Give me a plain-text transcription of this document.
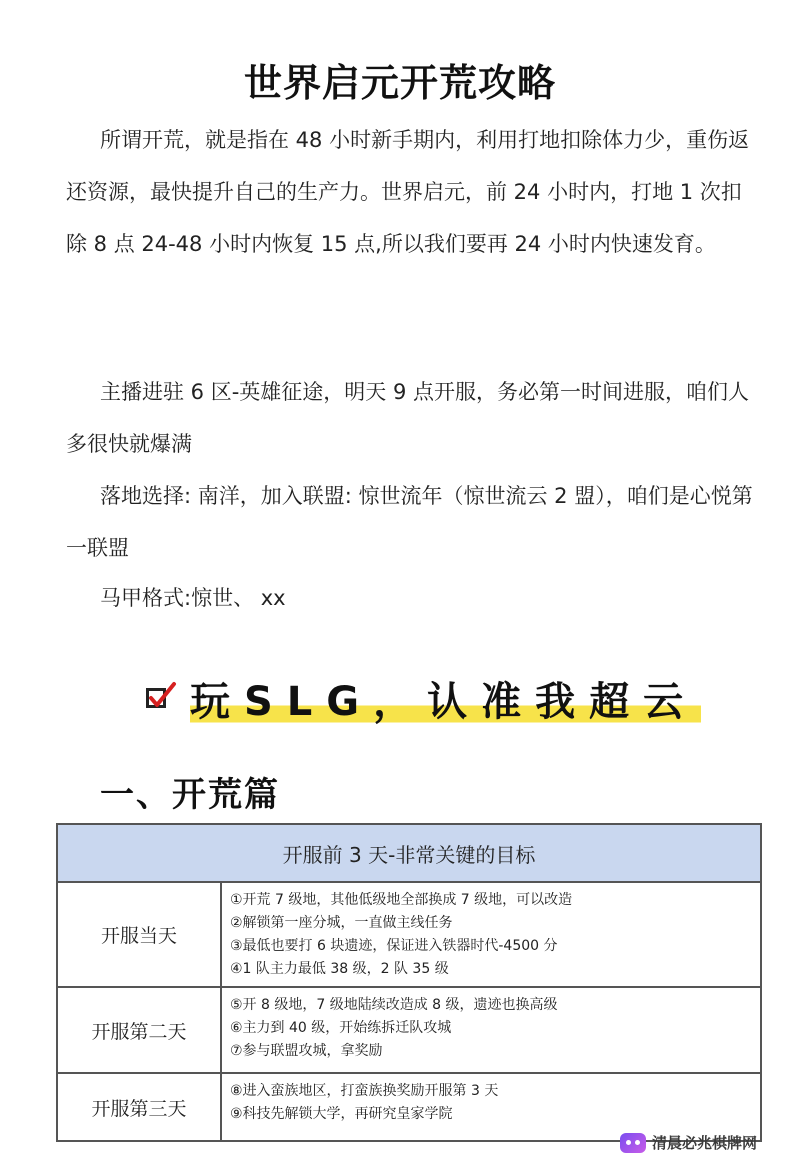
世界启元开荒攻略
所谓开荒，就是指在 48 小时新手期内，利用打地扣除体力少，重伤返还资源，最快提升自己的生产力。世界启元，前 24 小时内，打地 1 次扣除 8 点 24-48 小时内恢复 15 点,所以我们要再 24 小时内快速发育。
主播进驻 6 区-英雄征途，明天 9 点开服，务必第一时间进服，咱们人多很快就爆满
落地选择: 南洋，加入联盟: 惊世流年（惊世流云 2 盟），咱们是心悦第一联盟
马甲格式:惊世、 xx
玩SLG，认准我超云
一、开荒篇
开服前 3 天-非常关键的目标
开服当天
①开荒 7 级地，其他低级地全部换成 7 级地，可以改造
②解锁第一座分城，一直做主线任务
③最低也要打 6 块遗迹，保证进入铁器时代-4500 分
④1 队主力最低 38 级，2 队 35 级
开服第二天
⑤开 8 级地，7 级地陆续改造成 8 级，遗迹也换高级
⑥主力到 40 级，开始练拆迁队攻城
⑦参与联盟攻城，拿奖励
开服第三天
⑧进入蛮族地区，打蛮族换奖励开服第 3 天
⑨科技先解锁大学，再研究皇家学院
清晨必兆棋牌网
